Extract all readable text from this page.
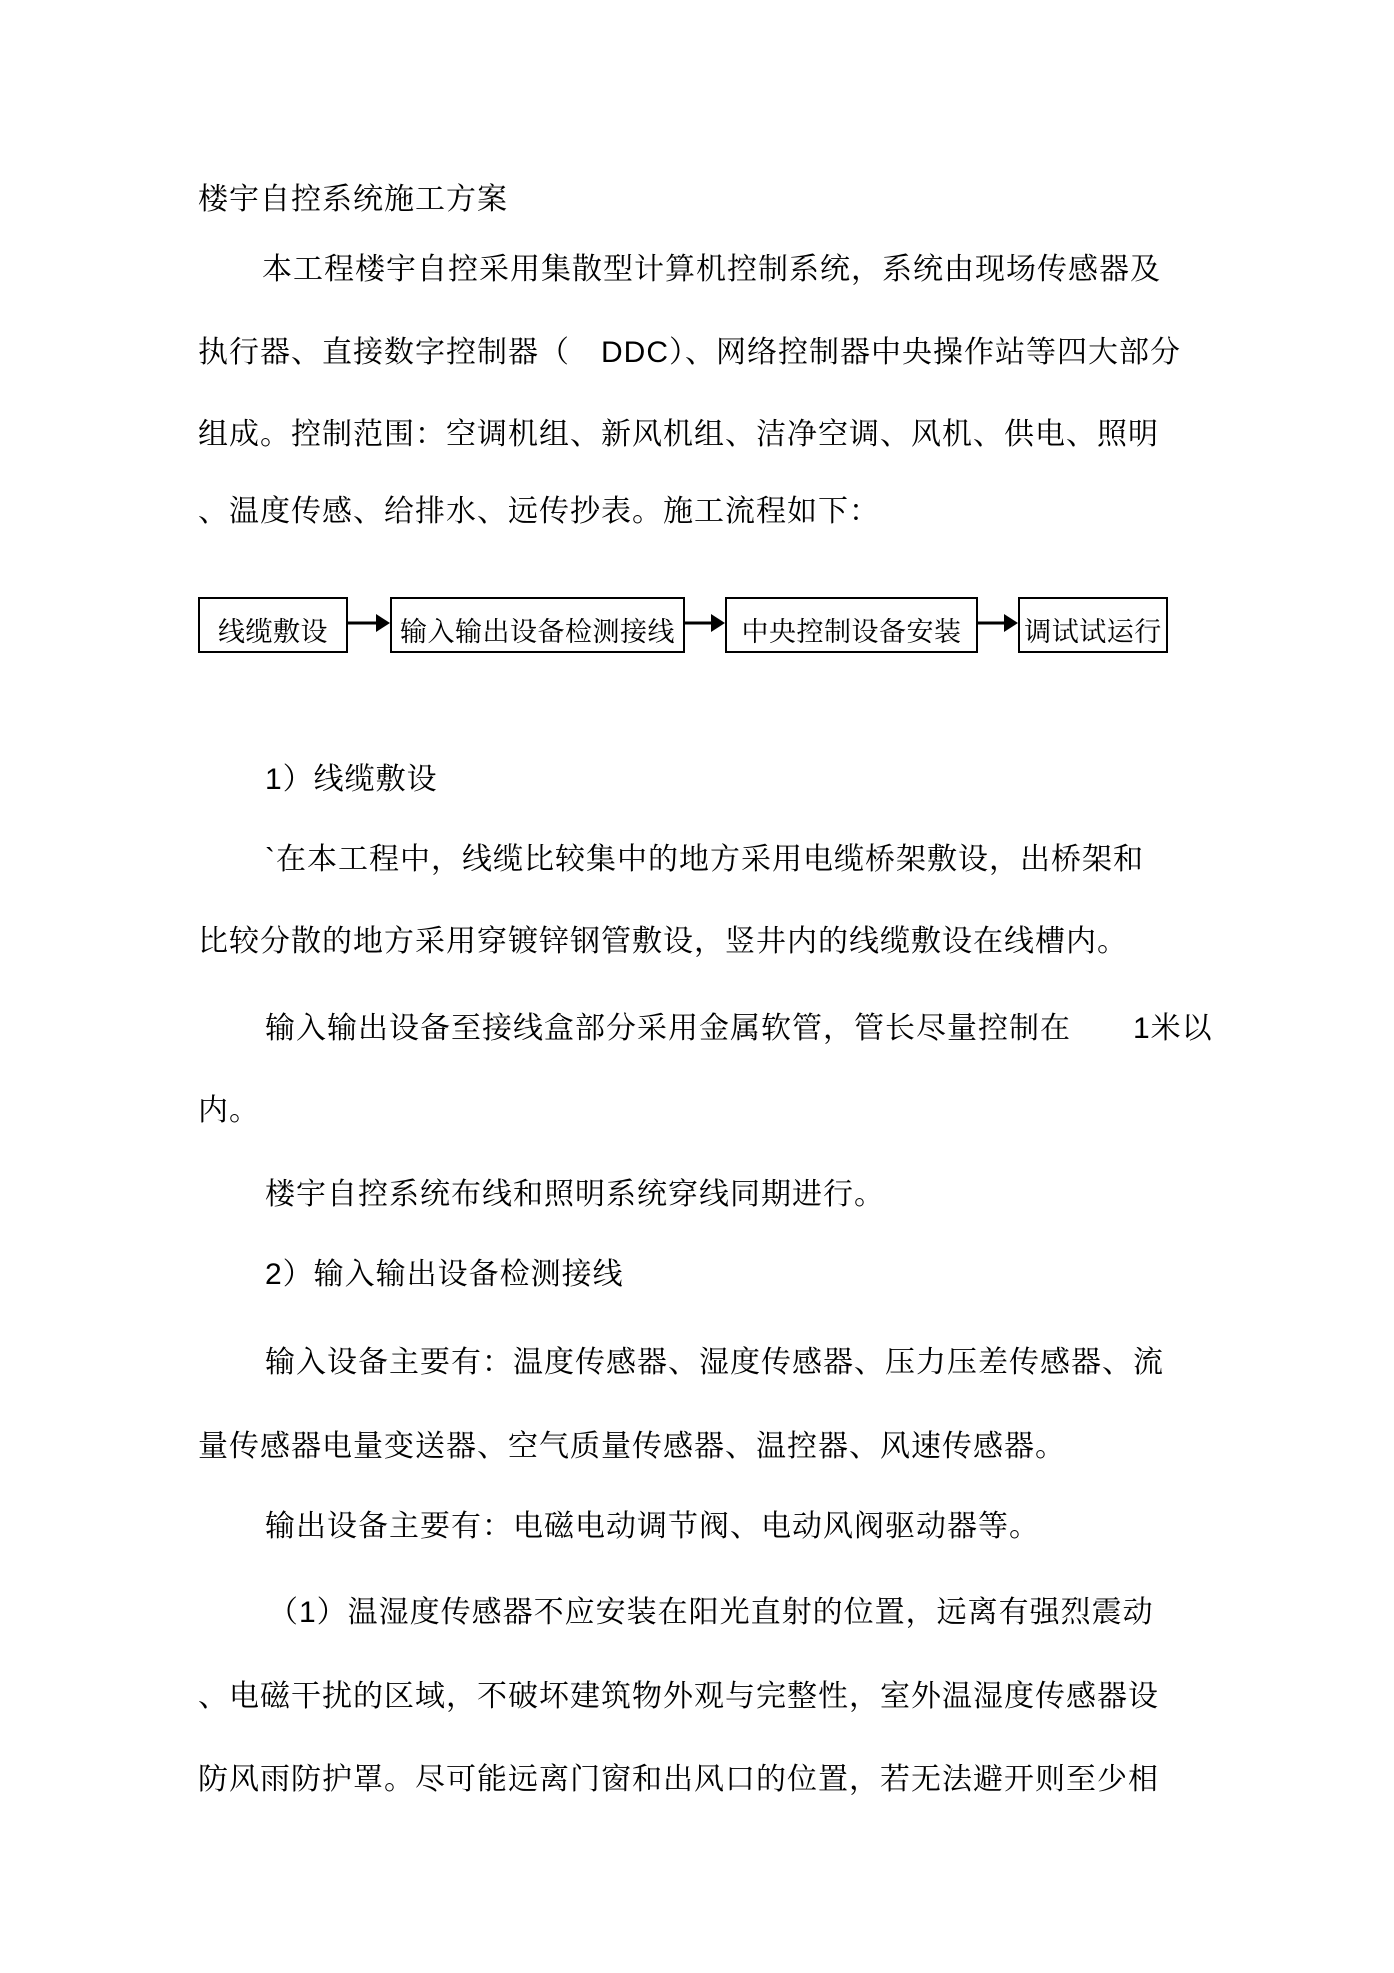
楼宇自控系统施工方案
本工程楼宇自控采用集散型计算机控制系统，系统由现场传感器及
执行器、直接数字控制器（　DDC）、网络控制器中央操作站等四大部分
组成。控制范围：空调机组、新风机组、洁净空调、风机、供电、照明
、温度传感、给排水、远传抄表。施工流程如下：
线缆敷设	输入输出设备检测接线 中央控制设备安装 调试试运行
1）线缆敷设
`在本工程中，线缆比较集中的地方采用电缆桥架敷设，出桥架和
比较分散的地方采用穿镀锌钢管敷设，竖井内的线缆敷设在线槽内。
输入输出设备至接线盒部分采用金属软管，管长尽量控制在　　1米以
内。
楼宇自控系统布线和照明系统穿线同期进行。
2）输入输出设备检测接线
输入设备主要有：温度传感器、湿度传感器、压力压差传感器、流
量传感器电量变送器、空气质量传感器、温控器、风速传感器。
输出设备主要有：电磁电动调节阀、电动风阀驱动器等。
（1）温湿度传感器不应安装在阳光直射的位置，远离有强烈震动
、电磁干扰的区域，不破坏建筑物外观与完整性，室外温湿度传感器设
防风雨防护罩。尽可能远离门窗和出风口的位置，若无法避开则至少相
